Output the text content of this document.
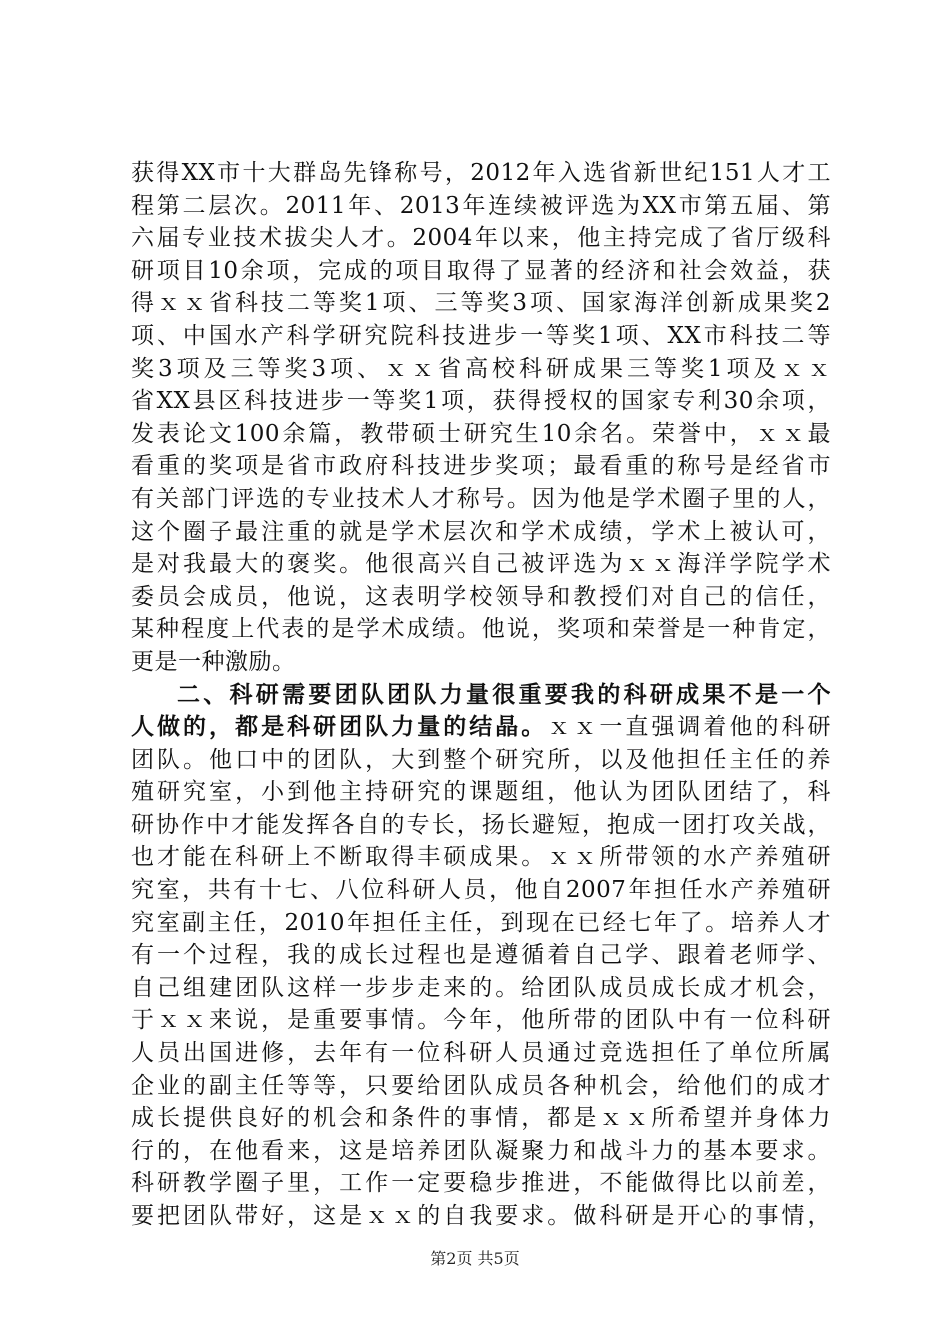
获得XX市十大群岛先锋称号，2012年入选省新世纪151人才工
程第二层次。2011年、2013年连续被评选为XX市第五届、第
六届专业技术拔尖人才。2004年以来，他主持完成了省厅级科
研项目10余项，完成的项目取得了显著的经济和社会效益，获
得ｘｘ省科技二等奖1项、三等奖3项、国家海洋创新成果奖2
项、中国水产科学研究院科技进步一等奖1项、XX市科技二等
奖3项及三等奖3项、ｘｘ省高校科研成果三等奖1项及ｘｘ
省XX县区科技进步一等奖1项，获得授权的国家专利30余项，
发表论文100余篇，教带硕士研究生10余名。荣誉中，ｘｘ最
看重的奖项是省市政府科技进步奖项；最看重的称号是经省市
有关部门评选的专业技术人才称号。因为他是学术圈子里的人，
这个圈子最注重的就是学术层次和学术成绩，学术上被认可，
是对我最大的褒奖。他很高兴自己被评选为ｘｘ海洋学院学术
委员会成员，他说，这表明学校领导和教授们对自己的信任，
某种程度上代表的是学术成绩。他说，奖项和荣誉是一种肯定，
更是一种激励。
二、科研需要团队团队力量很重要我的科研成果不是一个
人做的，都是科研团队力量的结晶。ｘｘ一直强调着他的科研
团队。他口中的团队，大到整个研究所，以及他担任主任的养
殖研究室，小到他主持研究的课题组，他认为团队团结了，科
研协作中才能发挥各自的专长，扬长避短，抱成一团打攻关战，
也才能在科研上不断取得丰硕成果。ｘｘ所带领的水产养殖研
究室，共有十七、八位科研人员，他自2007年担任水产养殖研
究室副主任，2010年担任主任，到现在已经七年了。培养人才
有一个过程，我的成长过程也是遵循着自己学、跟着老师学、
自己组建团队这样一步步走来的。给团队成员成长成才机会，
于ｘｘ来说，是重要事情。今年，他所带的团队中有一位科研
人员出国进修，去年有一位科研人员通过竞选担任了单位所属
企业的副主任等等，只要给团队成员各种机会，给他们的成才
成长提供良好的机会和条件的事情，都是ｘｘ所希望并身体力
行的，在他看来，这是培养团队凝聚力和战斗力的基本要求。
科研教学圈子里，工作一定要稳步推进，不能做得比以前差，
要把团队带好，这是ｘｘ的自我要求。做科研是开心的事情，
第2页 共5页
